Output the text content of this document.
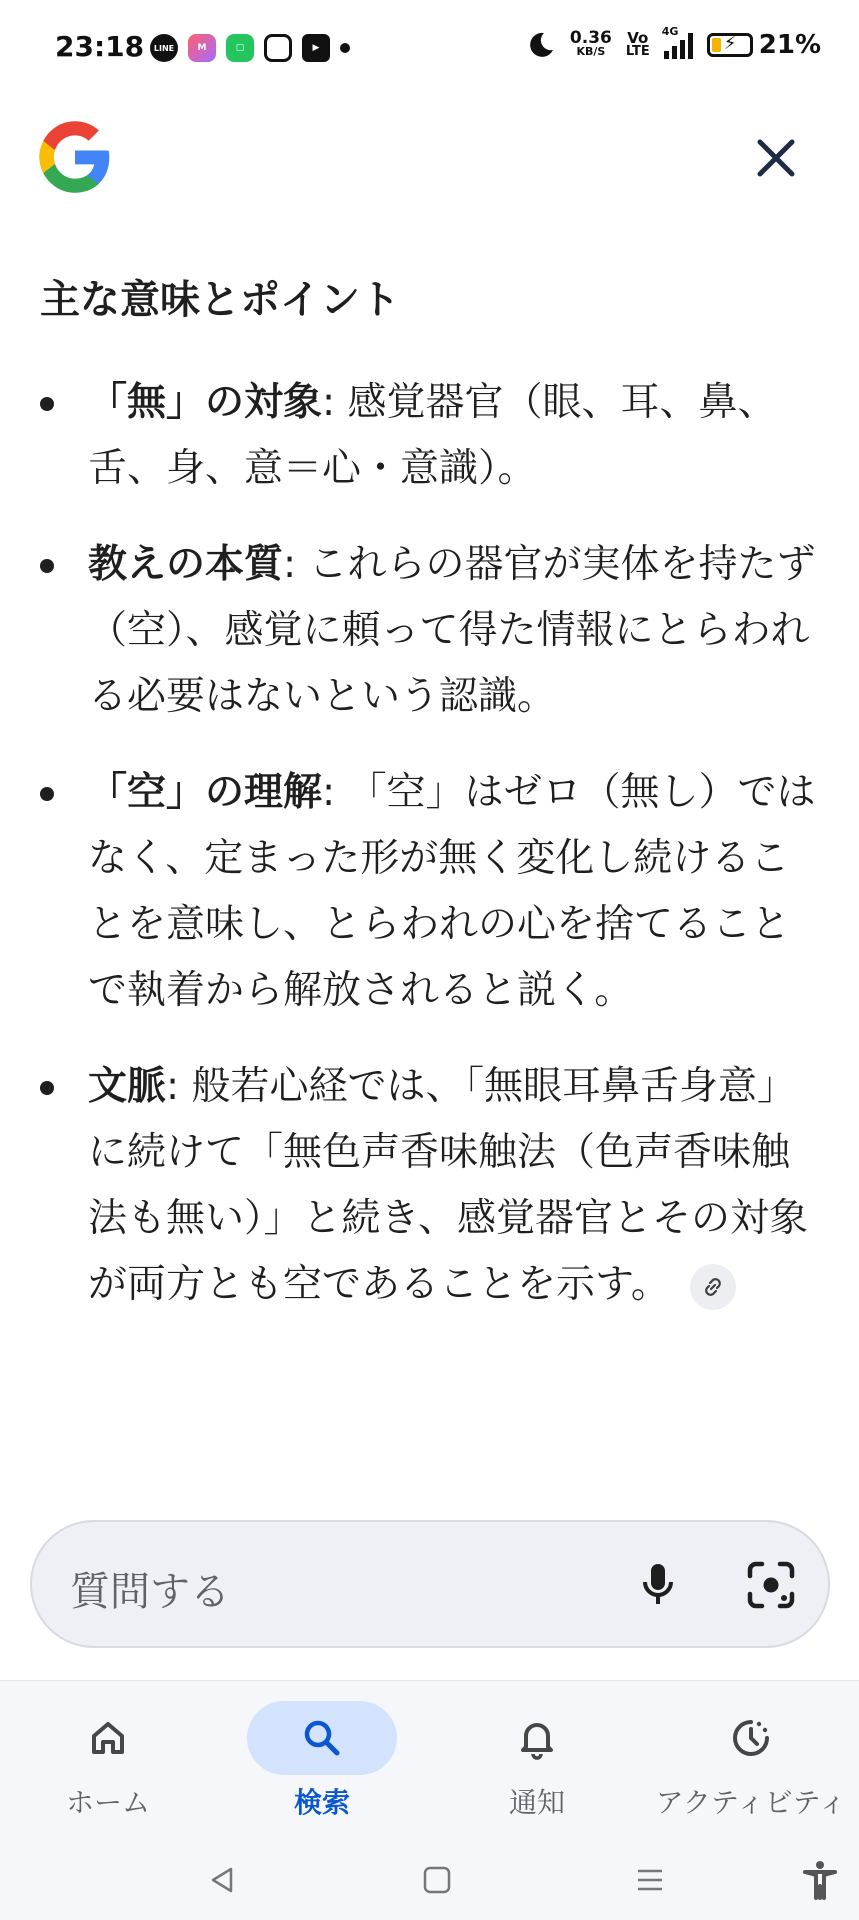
23:18	LINE	M	▢	▶	0.36
KB/S
Vo
LTE
4G
⚡ 21%
主な意味とポイント
「無」の対象: 感覚器官（眼、耳、鼻、舌、身、意＝心・意識）。
教えの本質: これらの器官が実体を持たず（空）、感覚に頼って得た情報にとらわれる必要はないという認識。
「空」の理解: 「空」はゼロ（無し）ではなく、定まった形が無く変化し続けることを意味し、とらわれの心を捨てることで執着から解放されると説く。
文脈: 般若心経では、「無眼耳鼻舌身意」に続けて「無色声香味触法（色声香味触法も無い）」と続き、感覚器官とその対象が両方とも空であることを示す。
質問する
ホーム	検索	通知	アクティビティ
